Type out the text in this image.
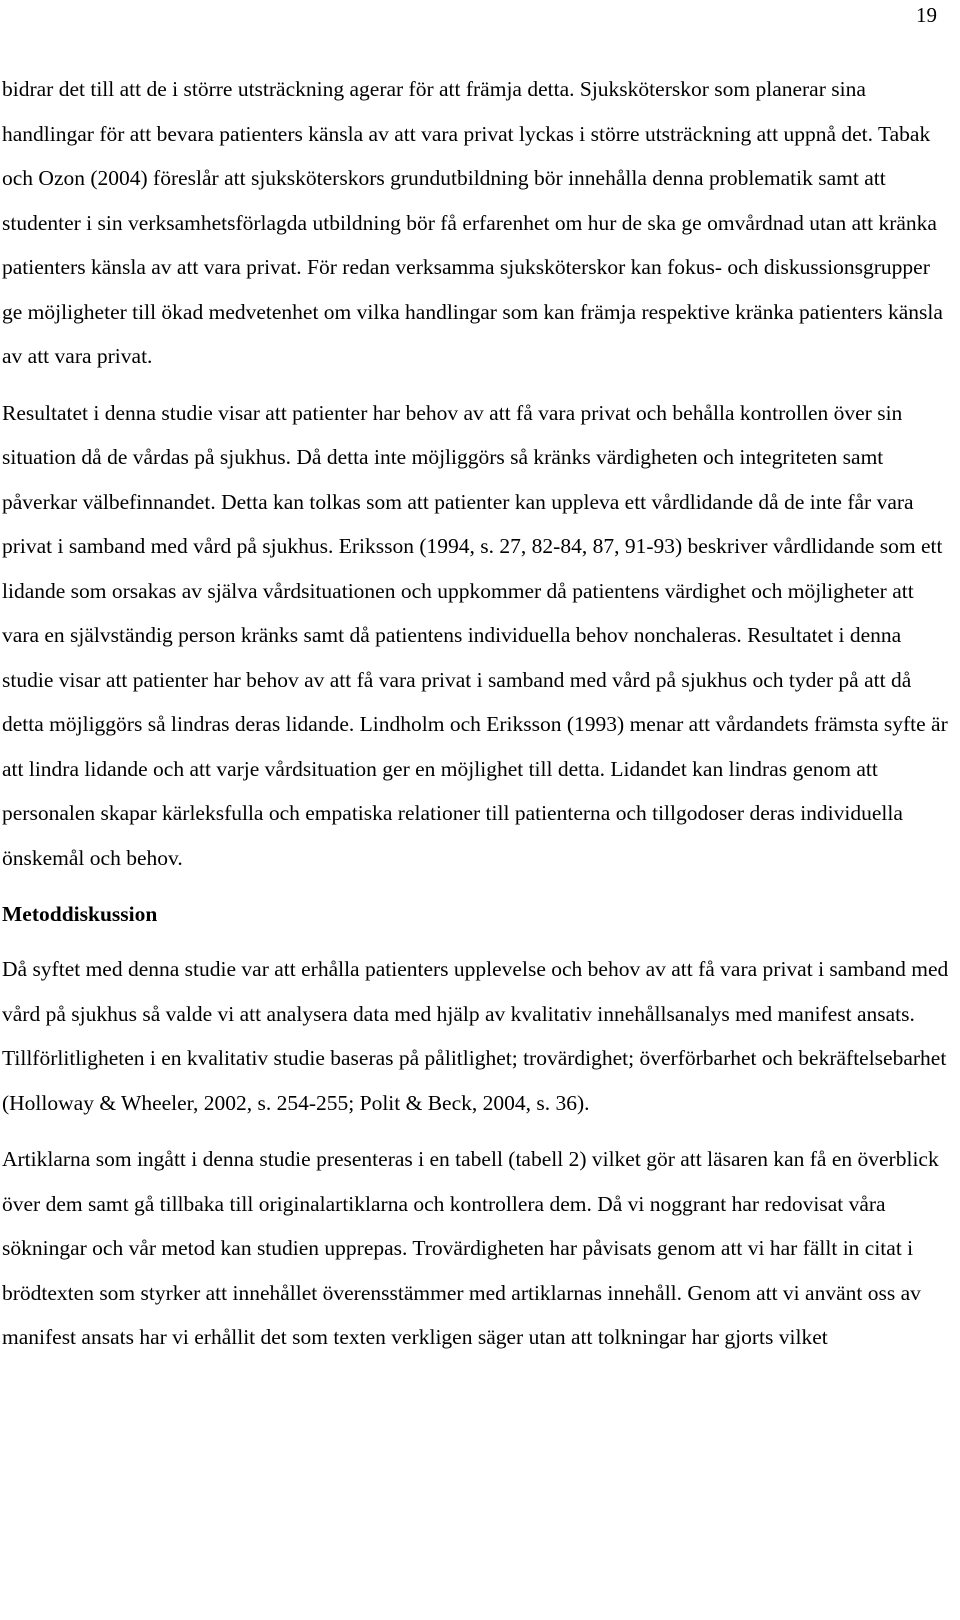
19

bidrar det till att de i större utsträckning agerar för att främja detta. Sjuksköterskor som planerar sina handlingar för att bevara patienters känsla av att vara privat lyckas i större utsträckning att uppnå det. Tabak och Ozon (2004) föreslår att sjuksköterskors grundutbildning bör innehålla denna problematik samt att studenter i sin verksamhetsförlagda utbildning bör få erfarenhet om hur de ska ge omvårdnad utan att kränka patienters känsla av att vara privat. För redan verksamma sjuksköterskor kan fokus- och diskussionsgrupper ge möjligheter till ökad medvetenhet om vilka handlingar som kan främja respektive kränka patienters känsla av att vara privat.

Resultatet i denna studie visar att patienter har behov av att få vara privat och behålla kontrollen över sin situation då de vårdas på sjukhus. Då detta inte möjliggörs så kränks värdigheten och integriteten samt påverkar välbefinnandet. Detta kan tolkas som att patienter kan uppleva ett vårdlidande då de inte får vara privat i samband med vård på sjukhus. Eriksson (1994, s. 27, 82-84, 87, 91-93) beskriver vårdlidande som ett lidande som orsakas av själva vårdsituationen och uppkommer då patientens värdighet och möjligheter att vara en självständig person kränks samt då patientens individuella behov nonchaleras. Resultatet i denna studie visar att patienter har behov av att få vara privat i samband med vård på sjukhus och tyder på att då detta möjliggörs så lindras deras lidande. Lindholm och Eriksson (1993) menar att vårdandets främsta syfte är att lindra lidande och att varje vårdsituation ger en möjlighet till detta. Lidandet kan lindras genom att personalen skapar kärleksfulla och empatiska relationer till patienterna och tillgodoser deras individuella önskemål och behov.

Metoddiskussion

Då syftet med denna studie var att erhålla patienters upplevelse och behov av att få vara privat i samband med vård på sjukhus så valde vi att analysera data med hjälp av kvalitativ innehållsanalys med manifest ansats. Tillförlitligheten i en kvalitativ studie baseras på pålitlighet; trovärdighet; överförbarhet och bekräftelsebarhet (Holloway & Wheeler, 2002, s. 254-255; Polit & Beck, 2004, s. 36).

Artiklarna som ingått i denna studie presenteras i en tabell (tabell 2) vilket gör att läsaren kan få en överblick över dem samt gå tillbaka till originalartiklarna och kontrollera dem. Då vi noggrant har redovisat våra sökningar och vår metod kan studien upprepas. Trovärdigheten har påvisats genom att vi har fällt in citat i brödtexten som styrker att innehållet överensstämmer med artiklarnas innehåll. Genom att vi använt oss av manifest ansats har vi erhållit det som texten verkligen säger utan att tolkningar har gjorts vilket
